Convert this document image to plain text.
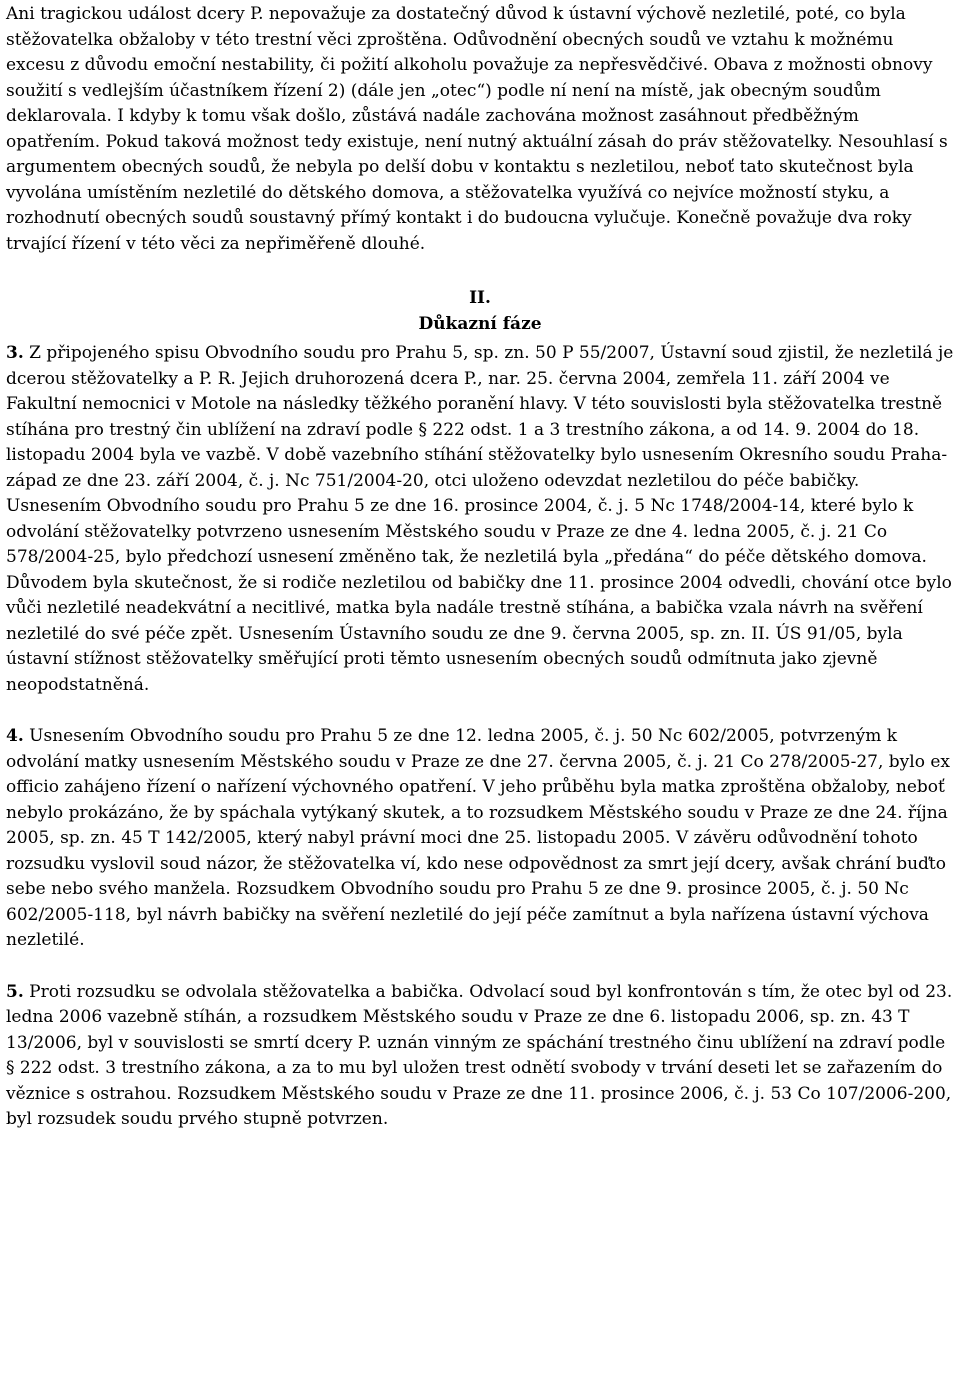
Ani tragickou událost dcery P. nepovažuje za dostatečný důvod k ústavní výchově nezletilé, poté, co byla stěžovatelka obžaloby v této trestní věci zproštěna. Odůvodnění obecných soudů ve vztahu k možnému excesu z důvodu emoční nestability, či požití alkoholu považuje za nepřesvědčivé. Obava z možnosti obnovy soužití s vedlejším účastníkem řízení 2) (dále jen „otec“) podle ní není na místě, jak obecným soudům deklarovala. I kdyby k tomu však došlo, zůstává nadále zachována možnost zasáhnout předběžným opatřením. Pokud taková možnost tedy existuje, není nutný aktuální zásah do práv stěžovatelky. Nesouhlasí s argumentem obecných soudů, že nebyla po delší dobu v kontaktu s nezletilou, neboť tato skutečnost byla vyvolána umístěním nezletilé do dětského domova, a stěžovatelka využívá co nejvíce možností styku, a rozhodnutí obecných soudů soustavný přímý kontakt i do budoucna vylučuje. Konečně považuje dva roky trvající řízení v této věci za nepřiměřeně dlouhé.

II.

Důkazní fáze

3. Z připojeného spisu Obvodního soudu pro Prahu 5, sp. zn. 50 P 55/2007, Ústavní soud zjistil, že nezletilá je dcerou stěžovatelky a P. R. Jejich druhorozená dcera P., nar. 25. června 2004, zemřela 11. září 2004 ve Fakultní nemocnici v Motole na následky těžkého poranění hlavy. V této souvislosti byla stěžovatelka trestně stíhána pro trestný čin ublížení na zdraví podle § 222 odst. 1 a 3 trestního zákona, a od 14. 9. 2004 do 18. listopadu 2004 byla ve vazbě. V době vazebního stíhání stěžovatelky bylo usnesením Okresního soudu Praha-západ ze dne 23. září 2004, č. j. Nc 751/2004-20, otci uloženo odevzdat nezletilou do péče babičky. Usnesením Obvodního soudu pro Prahu 5 ze dne 16. prosince 2004, č. j. 5 Nc 1748/2004-14, které bylo k odvolání stěžovatelky potvrzeno usnesením Městského soudu v Praze ze dne 4. ledna 2005, č. j. 21 Co 578/2004-25, bylo předchozí usnesení změněno tak, že nezletilá byla „předána“ do péče dětského domova. Důvodem byla skutečnost, že si rodiče nezletilou od babičky dne 11. prosince 2004 odvedli, chování otce bylo vůči nezletilé neadekvátní a necitlivé, matka byla nadále trestně stíhána, a babička vzala návrh na svěření nezletilé do své péče zpět. Usnesením Ústavního soudu ze dne 9. června 2005, sp. zn. II. ÚS 91/05, byla ústavní stížnost stěžovatelky směřující proti těmto usnesením obecných soudů odmítnuta jako zjevně neopodstatněná.

4. Usnesením Obvodního soudu pro Prahu 5 ze dne 12. ledna 2005, č. j. 50 Nc 602/2005, potvrzeným k odvolání matky usnesením Městského soudu v Praze ze dne 27. června 2005, č. j. 21 Co 278/2005-27, bylo ex officio zahájeno řízení o nařízení výchovného opatření. V jeho průběhu byla matka zproštěna obžaloby, neboť nebylo prokázáno, že by spáchala vytýkaný skutek, a to rozsudkem Městského soudu v Praze ze dne 24. října 2005, sp. zn. 45 T 142/2005, který nabyl právní moci dne 25. listopadu 2005. V závěru odůvodnění tohoto rozsudku vyslovil soud názor, že stěžovatelka ví, kdo nese odpovědnost za smrt její dcery, avšak chrání buďto sebe nebo svého manžela. Rozsudkem Obvodního soudu pro Prahu 5 ze dne 9. prosince 2005, č. j. 50 Nc 602/2005-118, byl návrh babičky na svěření nezletilé do její péče zamítnut a byla nařízena ústavní výchova nezletilé.

5. Proti rozsudku se odvolala stěžovatelka a babička. Odvolací soud byl konfrontován s tím, že otec byl od 23. ledna 2006 vazebně stíhán, a rozsudkem Městského soudu v Praze ze dne 6. listopadu 2006, sp. zn. 43 T 13/2006, byl v souvislosti se smrtí dcery P. uznán vinným ze spáchání trestného činu ublížení na zdraví podle § 222 odst. 3 trestního zákona, a za to mu byl uložen trest odnětí svobody v trvání deseti let se zařazením do věznice s ostrahou. Rozsudkem Městského soudu v Praze ze dne 11. prosince 2006, č. j. 53 Co 107/2006-200, byl rozsudek soudu prvého stupně potvrzen.
